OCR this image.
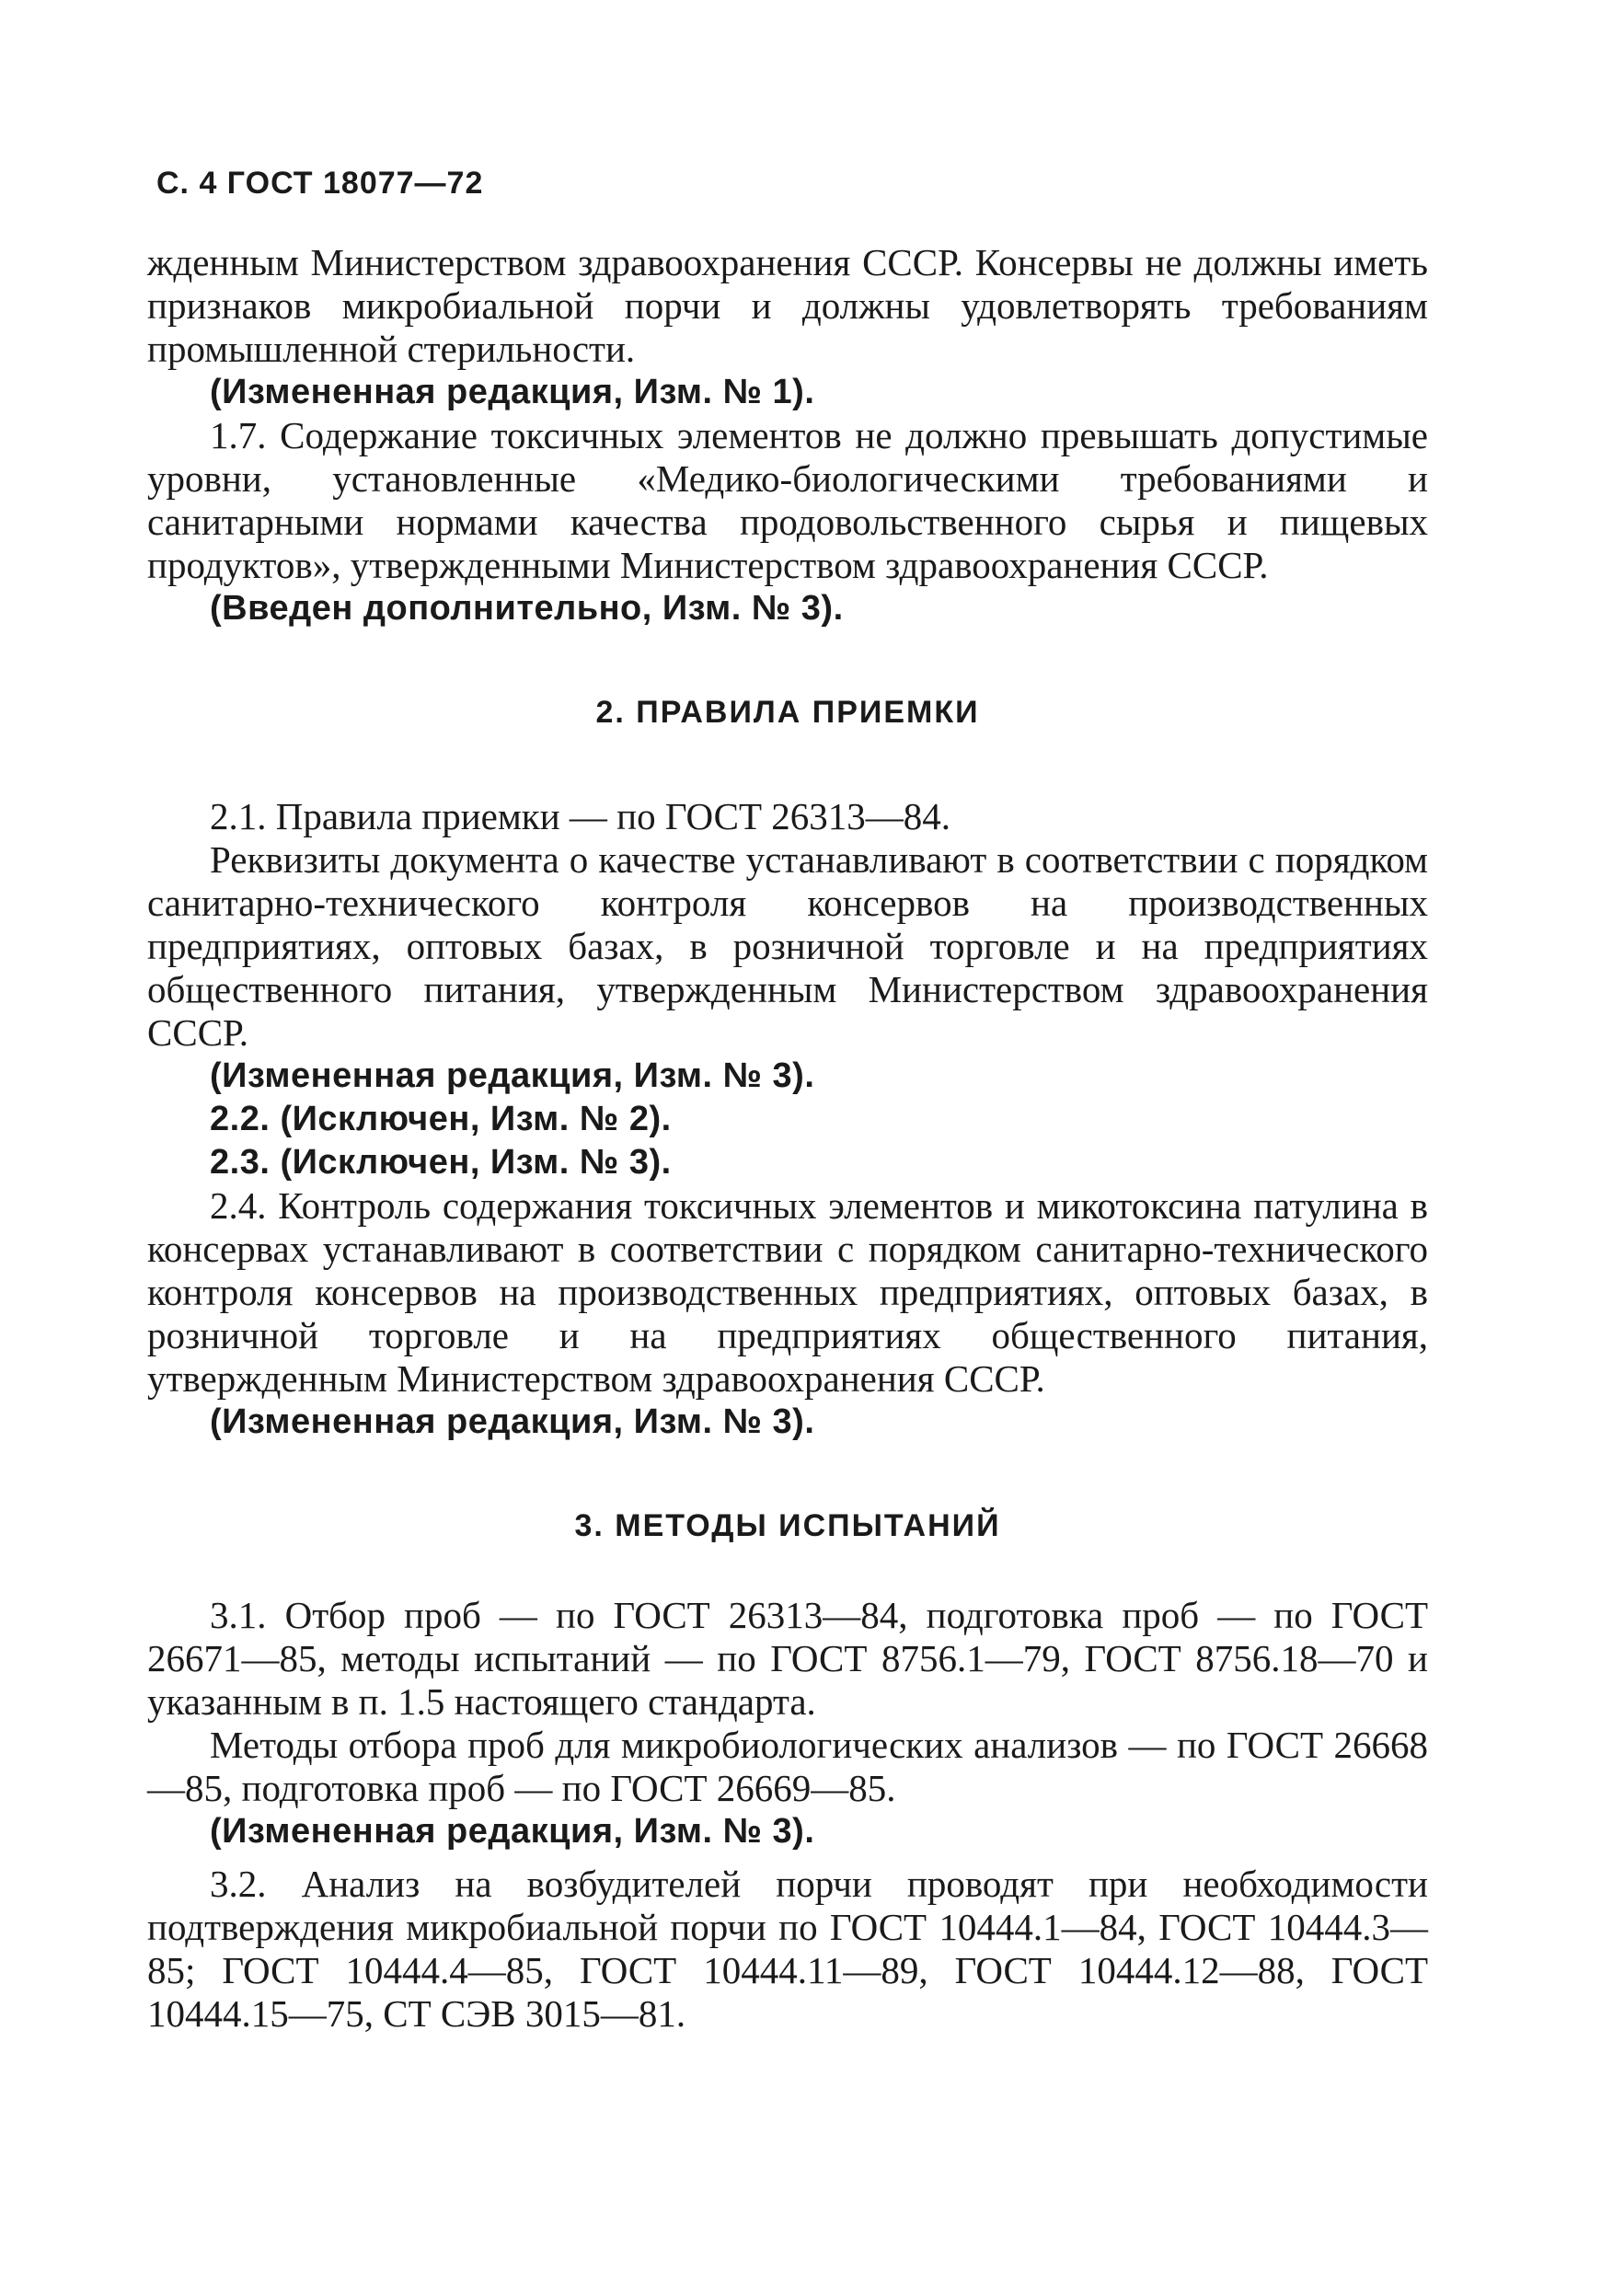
С. 4 ГОСТ 18077—72

жденным Министерством здравоохранения СССР. Консервы не должны иметь признаков микробиальной порчи и должны удовлетворять требованиям промышленной стерильности.

(Измененная редакция, Изм. № 1).

1.7. Содержание токсичных элементов не должно превышать допустимые уровни, установленные «Медико-биологическими требованиями и санитарными нормами качества продовольственного сырья и пищевых продуктов», утвержденными Министерством здравоохранения СССР.

(Введен дополнительно, Изм. № 3).

2. ПРАВИЛА ПРИЕМКИ

2.1. Правила приемки — по ГОСТ 26313—84.

Реквизиты документа о качестве устанавливают в соответствии с порядком санитарно-технического контроля консервов на производственных предприятиях, оптовых базах, в розничной торговле и на предприятиях общественного питания, утвержденным Министерством здравоохранения СССР.

(Измененная редакция, Изм. № 3).

2.2. (Исключен, Изм. № 2).

2.3. (Исключен, Изм. № 3).

2.4. Контроль содержания токсичных элементов и микотоксина патулина в консервах устанавливают в соответствии с порядком санитарно-технического контроля консервов на производственных предприятиях, оптовых базах, в розничной торговле и на предприятиях общественного питания, утвержденным Министерством здравоохранения СССР.

(Измененная редакция, Изм. № 3).

3. МЕТОДЫ ИСПЫТАНИЙ

3.1. Отбор проб — по ГОСТ 26313—84, подготовка проб — по ГОСТ 26671—85, методы испытаний — по ГОСТ 8756.1—79, ГОСТ 8756.18—70 и указанным в п. 1.5 настоящего стандарта.

Методы отбора проб для микробиологических анализов — по ГОСТ 26668—85, подготовка проб — по ГОСТ 26669—85.

(Измененная редакция, Изм. № 3).

3.2. Анализ на возбудителей порчи проводят при необходимости подтверждения микробиальной порчи по ГОСТ 10444.1—84, ГОСТ 10444.3—85; ГОСТ 10444.4—85, ГОСТ 10444.11—89, ГОСТ 10444.12—88, ГОСТ 10444.15—75, СТ СЭВ 3015—81.
